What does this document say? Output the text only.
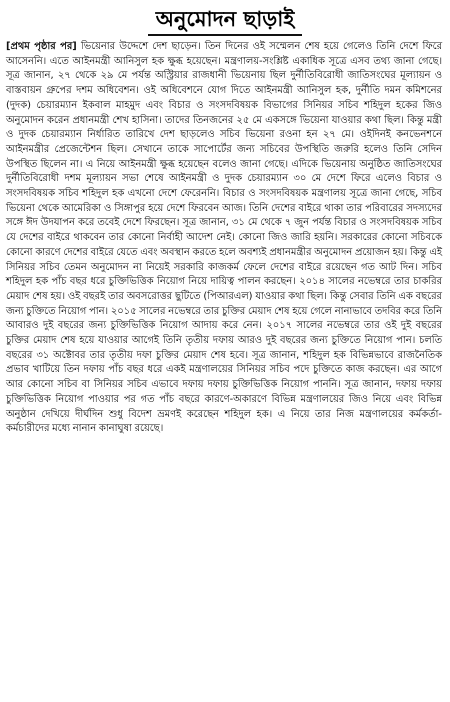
অনুমোদন ছাড়াই

[প্রথম পৃষ্ঠার পর] ভিয়েনার উদ্দেশে দেশ ছাড়েন। তিন দিনের ওই সম্মেলন শেষ হয়ে গেলেও তিনি দেশে ফিরে আসেননি। এতে আইনমন্ত্রী আনিসুল হক ক্ষুব্ধ হয়েছেন। মন্ত্রণালয়-সংশ্লিষ্ট একাধিক সূত্রে এসব তথ্য জানা গেছে। সূত্র জানান, ২৭ থেকে ২৯ মে পর্যন্ত অস্ট্রিয়ার রাজধানী ভিয়েনায় ছিল দুর্নীতিবিরোধী জাতিসংঘের মূল্যায়ন ও বাস্তবায়ন গ্রুপের দশম অধিবেশন। ওই অধিবেশনে যোগ দিতে আইনমন্ত্রী আনিসুল হক, দুর্নীতি দমন কমিশনের (দুদক) চেয়ারম্যান ইকবাল মাহমুদ এবং বিচার ও সংসদবিষয়ক বিভাগের সিনিয়র সচিব শহিদুল হকের জিও অনুমোদন করেন প্রধানমন্ত্রী শেখ হাসিনা। তাদের তিনজনের ২৫ মে একসঙ্গে ভিয়েনা যাওয়ার কথা ছিল। কিন্তু মন্ত্রী ও দুদক চেয়ারম্যান নির্ধারিত তারিখে দেশ ছাড়লেও সচিব ভিয়েনা রওনা হন ২৭ মে। ওইদিনই কনভেনশনে আইনমন্ত্রীর প্রেজেন্টেশন ছিল। সেখানে তাকে সাপোর্টের জন্য সচিবের উপস্থিতি জরুরি হলেও তিনি সেদিন উপস্থিত ছিলেন না। এ নিয়ে আইনমন্ত্রী ক্ষুব্ধ হয়েছেন বলেও জানা গেছে। এদিকে ভিয়েনায় অনুষ্ঠিত জাতিসংঘের দুর্নীতিবিরোধী দশম মূল্যায়ন সভা শেষে আইনমন্ত্রী ও দুদক চেয়ারম্যান ৩০ মে দেশে ফিরে এলেও বিচার ও সংসদবিষয়ক সচিব শহিদুল হক এখনো দেশে ফেরেননি। বিচার ও সংসদবিষয়ক মন্ত্রণালয় সূত্রে জানা গেছে, সচিব ভিয়েনা থেকে আমেরিকা ও সিঙ্গাপুর হয়ে দেশে ফিরবেন আজ। তিনি দেশের বাইরে থাকা তার পরিবারের সদস্যদের সঙ্গে ঈদ উদযাপন করে তবেই দেশে ফিরছেন। সূত্র জানান, ৩১ মে থেকে ৭ জুন পর্যন্ত বিচার ও সংসদবিষয়ক সচিব যে দেশের বাইরে থাকবেন তার কোনো নির্বাহী আদেশ নেই। কোনো জিও জারি হয়নি। সরকারের কোনো সচিবকে কোনো কারণে দেশের বাইরে যেতে এবং অবস্থান করতে হলে অবশ্যই প্রধানমন্ত্রীর অনুমোদন প্রয়োজন হয়। কিন্তু এই সিনিয়র সচিব তেমন অনুমোদন না নিয়েই সরকারি কাজকর্ম ফেলে দেশের বাইরে রয়েছেন গত আট দিন। সচিব শহিদুল হক পাঁচ বছর ধরে চুক্তিভিত্তিক নিয়োগ নিয়ে দায়িত্ব পালন করছেন। ২০১৪ সালের নভেম্বরে তার চাকরির মেয়াদ শেষ হয়। ওই বছরই তার অবসরোত্তর ছুটিতে (পিআরএল) যাওয়ার কথা ছিল। কিন্তু সেবার তিনি এক বছরের জন্য চুক্তিতে নিয়োগ পান। ২০১৫ সালের নভেম্বরে তার চুক্তির মেয়াদ শেষ হয়ে গেলে নানাভাবে তদবির করে তিনি আবারও দুই বছরের জন্য চুক্তিভিত্তিক নিয়োগ আদায় করে নেন। ২০১৭ সালের নভেম্বরে তার ওই দুই বছরের চুক্তির মেয়াদ শেষ হয়ে যাওয়ার আগেই তিনি তৃতীয় দফায় আরও দুই বছরের জন্য চুক্তিতে নিয়োগ পান। চলতি বছরের ৩১ অক্টোবর তার তৃতীয় দফা চুক্তির মেয়াদ শেষ হবে। সূত্র জানান, শহিদুল হক বিভিন্নভাবে রাজনৈতিক প্রভাব খাটিয়ে তিন দফায় পাঁচ বছর ধরে একই মন্ত্রণালয়ের সিনিয়র সচিব পদে চুক্তিতে কাজ করছেন। এর আগে আর কোনো সচিব বা সিনিয়র সচিব এভাবে দফায় দফায় চুক্তিভিত্তিক নিয়োগ পাননি। সূত্র জানান, দফায় দফায় চুক্তিভিত্তিক নিয়োগ পাওয়ার পর গত পাঁচ বছরে কারণে-অকারণে বিভিন্ন মন্ত্রণালয়ের জিও নিয়ে এবং বিভিন্ন অনুষ্ঠান দেখিয়ে দীর্ঘদিন শুধু বিদেশ ভ্রমণই করেছেন শহিদুল হক। এ নিয়ে তার নিজ মন্ত্রণালয়ের কর্মকর্তা-কর্মচারীদের মধ্যে নানান কানাঘুষা রয়েছে।
